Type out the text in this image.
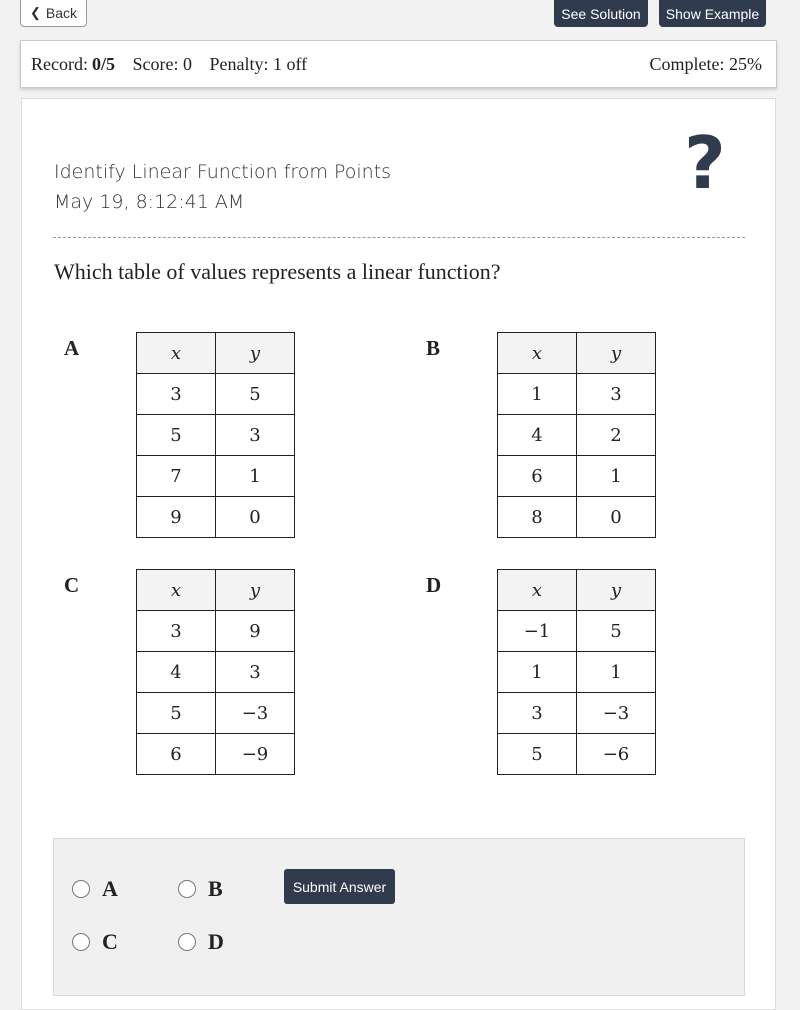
❮ Back	See Solution	Show Example
Record: 0/5 Score: 0 Penalty: 1 off	Complete: 25%
Identify Linear Function from Points
May 19, 8:12:41 AM	?
Which table of values represents a linear function?
A	x	y
3	5
5	3
7	1
9	0
B	x	y
1	3
4	2
6	1
8	0
C	x	y
3	9
4	3
5	−3
6	−9
D	x	y
−1	5
1	1
3	−3
5	−6
A	B
C	D
Submit Answer
